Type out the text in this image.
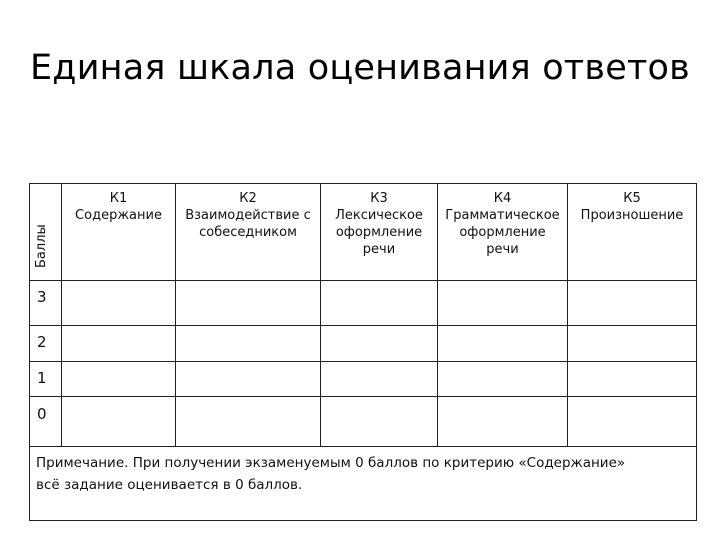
Единая шкала оценивания ответов
Баллы
К1
Содержание
К2
Взаимодействие с
собеседником
К3
Лексическое
оформление
речи
К4
Грамматическое
оформление
речи
К5
Произношение
3
2
1
0
Примечание. При получении экзаменуемым 0 баллов по критерию «Содержание»
всё задание оценивается в 0 баллов.
